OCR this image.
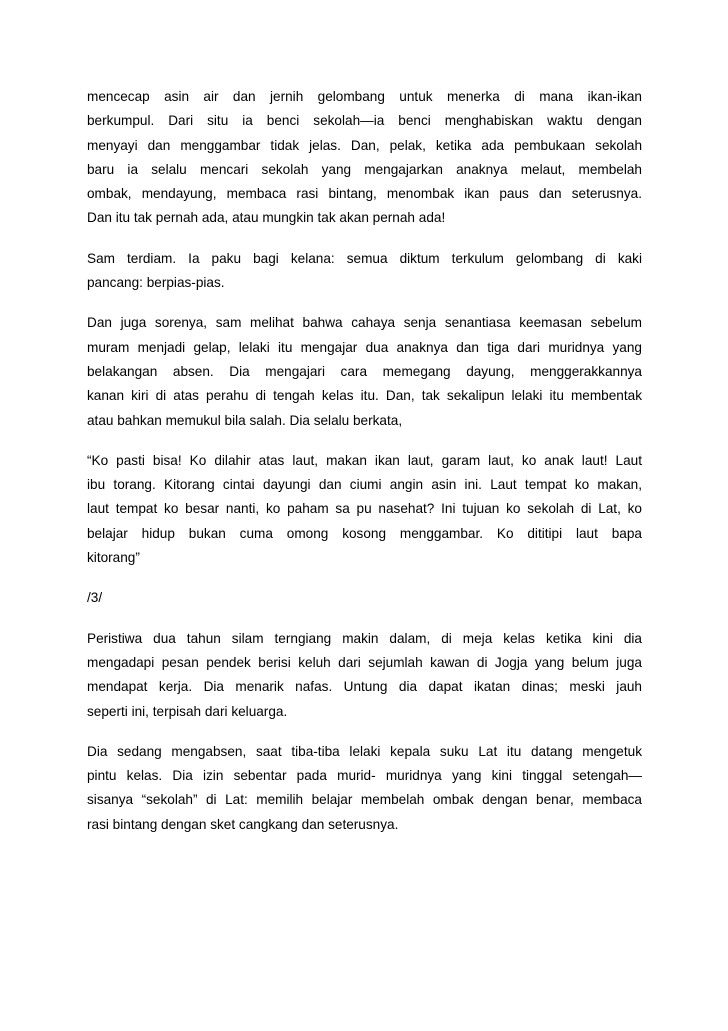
mencecap asin air dan jernih gelombang untuk menerka di mana ikan-ikan
berkumpul. Dari situ ia benci sekolah—ia benci menghabiskan waktu dengan
menyayi dan menggambar tidak jelas. Dan, pelak, ketika ada pembukaan sekolah
baru ia selalu mencari sekolah yang mengajarkan anaknya melaut, membelah
ombak, mendayung, membaca rasi bintang, menombak ikan paus dan seterusnya.
Dan itu tak pernah ada, atau mungkin tak akan pernah ada!

Sam terdiam. Ia paku bagi kelana: semua diktum terkulum gelombang di kaki
pancang: berpias-pias.

Dan juga sorenya, sam melihat bahwa cahaya senja senantiasa keemasan sebelum
muram menjadi gelap, lelaki itu mengajar dua anaknya dan tiga dari muridnya yang
belakangan absen. Dia mengajari cara memegang dayung, menggerakkannya
kanan kiri di atas perahu di tengah kelas itu. Dan, tak sekalipun lelaki itu membentak
atau bahkan memukul bila salah. Dia selalu berkata,

“Ko pasti bisa! Ko dilahir atas laut, makan ikan laut, garam laut, ko anak laut! Laut
ibu torang. Kitorang cintai dayungi dan ciumi angin asin ini. Laut tempat ko makan,
laut tempat ko besar nanti, ko paham sa pu nasehat? Ini tujuan ko sekolah di Lat, ko
belajar hidup bukan cuma omong kosong menggambar. Ko dititipi laut bapa
kitorang”

/3/

Peristiwa dua tahun silam terngiang makin dalam, di meja kelas ketika kini dia
mengadapi pesan pendek berisi keluh dari sejumlah kawan di Jogja yang belum juga
mendapat kerja. Dia menarik nafas. Untung dia dapat ikatan dinas; meski jauh
seperti ini, terpisah dari keluarga.

Dia sedang mengabsen, saat tiba-tiba lelaki kepala suku Lat itu datang mengetuk
pintu kelas. Dia izin sebentar pada murid- muridnya yang kini tinggal setengah—
sisanya “sekolah” di Lat: memilih belajar membelah ombak dengan benar, membaca
rasi bintang dengan sket cangkang dan seterusnya.
